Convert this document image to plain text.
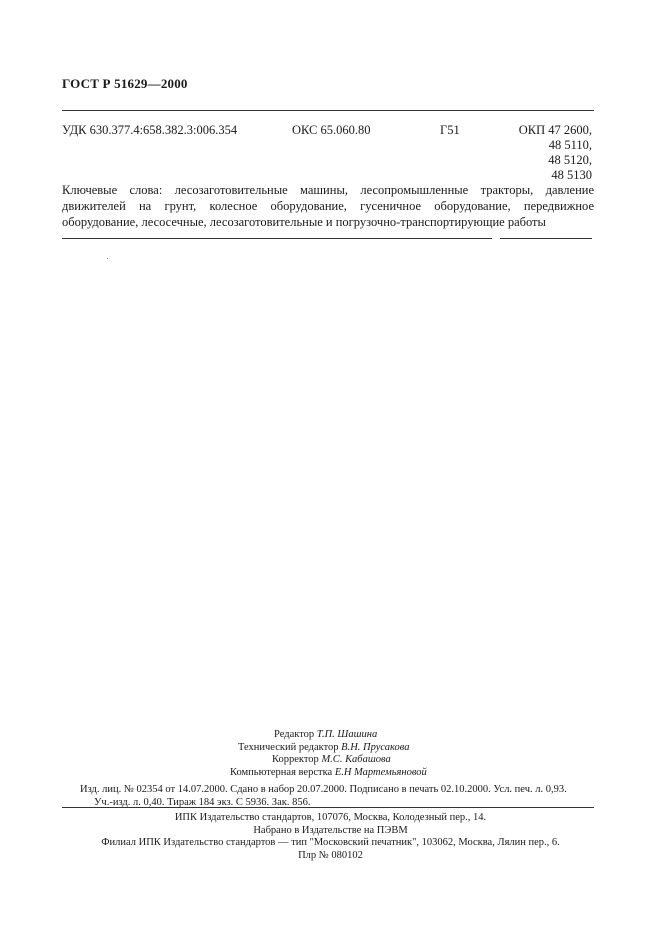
ГОСТ Р 51629—2000
УДК 630.377.4:658.382.3:006.354	ОКС 65.060.80	Г51	ОКП 47 2600,
48 5110,
48 5120,
48 5130
Ключевые слова: лесозаготовительные машины, лесопромышленные тракторы, давление движителей на грунт, колесное оборудование, гусеничное оборудование, передвижное оборудование, лесосечные, лесозаготовительные и погрузочно-транспортирующие работы
Редактор Т.П. Шашина
Технический редактор В.Н. Прусакова
Корректор М.С. Кабашова
Компьютерная верстка Е.Н Мартемьяновой
Изд. лиц. № 02354 от 14.07.2000. Сдано в набор 20.07.2000. Подписано в печать 02.10.2000. Усл. печ. л. 0,93.
Уч.-изд. л. 0,40. Тираж 184 экз. С 5936. Зак. 856.
ИПК Издательство стандартов, 107076, Москва, Колодезный пер., 14.
Набрано в Издательстве на ПЭВМ
Филиал ИПК Издательство стандартов — тип "Московский печатник", 103062, Москва, Лялин пер., 6.
Плр № 080102
